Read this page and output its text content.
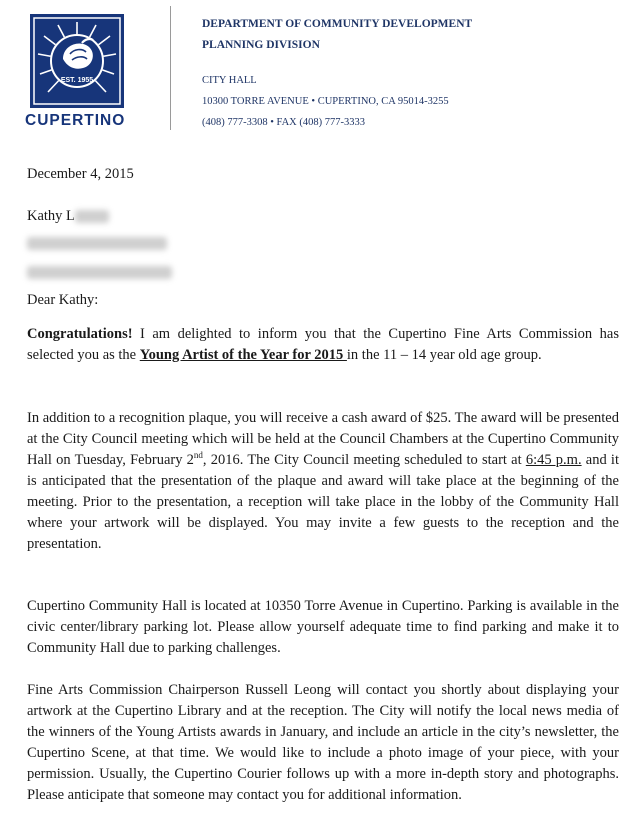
EST. 1955
CUPERTINO
DEPARTMENT OF COMMUNITY DEVELOPMENT
PLANNING DIVISION
CITY HALL
10300 TORRE AVENUE • CUPERTINO, CA 95014-3255
(408) 777-3308 • FAX (408) 777-3333
December 4, 2015
Kathy L
Dear Kathy:
Congratulations! I am delighted to inform you that the Cupertino Fine Arts Commission has selected you as the Young Artist of the Year for 2015 in the 11 – 14 year old age group.
In addition to a recognition plaque, you will receive a cash award of $25. The award will be presented at the City Council meeting which will be held at the Council Chambers at the Cupertino Community Hall on Tuesday, February 2nd, 2016. The City Council meeting scheduled to start at 6:45 p.m. and it is anticipated that the presentation of the plaque and award will take place at the beginning of the meeting. Prior to the presentation, a reception will take place in the lobby of the Community Hall where your artwork will be displayed. You may invite a few guests to the reception and the presentation.
Cupertino Community Hall is located at 10350 Torre Avenue in Cupertino. Parking is available in the civic center/library parking lot. Please allow yourself adequate time to find parking and make it to Community Hall due to parking challenges.
Fine Arts Commission Chairperson Russell Leong will contact you shortly about displaying your artwork at the Cupertino Library and at the reception. The City will notify the local news media of the winners of the Young Artists awards in January, and include an article in the city’s newsletter, the Cupertino Scene, at that time. We would like to include a photo image of your piece, with your permission. Usually, the Cupertino Courier follows up with a more in-depth story and photographs. Please anticipate that someone may contact you for additional information.
